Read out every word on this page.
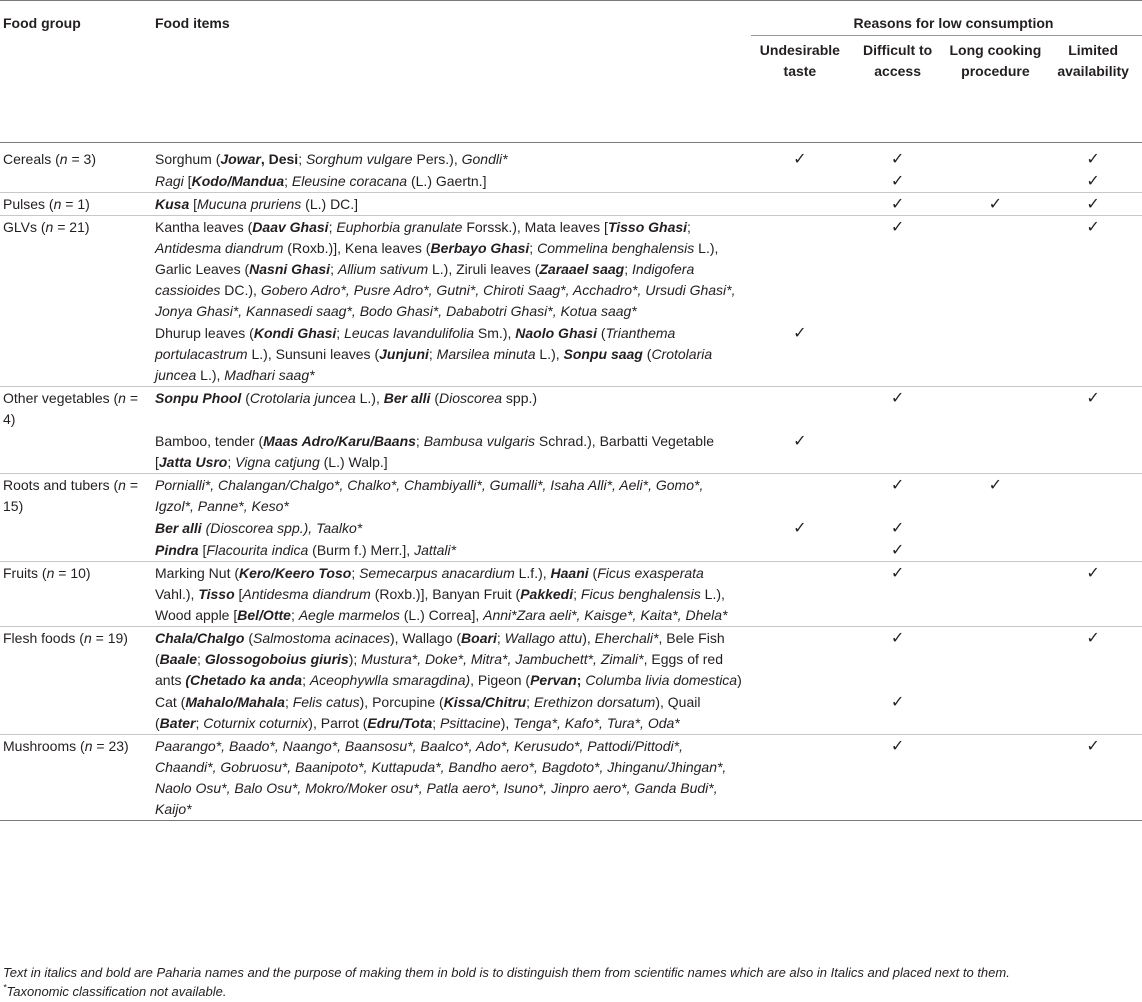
Food group	Food items	Reasons for low consumption			
		Undesirable taste	Difficult to access	Long cooking procedure	Limited availability
Cereals (n = 3)	Sorghum (Jowar, Desi; Sorghum vulgare Pers.), Gondli*	✓	✓		✓
	Ragi [Kodo/Mandua; Eleusine coracana (L.) Gaertn.]		✓		✓
Pulses (n = 1)	Kusa [Mucuna pruriens (L.) DC.]		✓	✓	✓
GLVs (n = 21)	Kantha leaves (Daav Ghasi; Euphorbia granulate Forssk.), Mata leaves [Tisso Ghasi; Antidesma diandrum (Roxb.)], Kena leaves (Berbayo Ghasi; Commelina benghalensis L.), Garlic Leaves (Nasni Ghasi; Allium sativum L.), Ziruli leaves (Zaraael saag; Indigofera cassioides DC.), Gobero Adro*, Pusre Adro*, Gutni*, Chiroti Saag*, Acchadro*, Ursudi Ghasi*, Jonya Ghasi*, Kannasedi saag*, Bodo Ghasi*, Dababotri Ghasi*, Kotua saag*		✓		✓
	Dhurup leaves (Kondi Ghasi; Leucas lavandulifolia Sm.), Naolo Ghasi (Trianthema portulacastrum L.), Sunsuni leaves (Junjuni; Marsilea minuta L.), Sonpu saag (Crotolaria juncea L.), Madhari saag*	✓			
Other vegetables (n = 4)	Sonpu Phool (Crotolaria juncea L.), Ber alli (Dioscorea spp.)		✓		✓
	Bamboo, tender (Maas Adro/Karu/Baans; Bambusa vulgaris Schrad.), Barbatti Vegetable [Jatta Usro; Vigna catjung (L.) Walp.]	✓			
Roots and tubers (n = 15)	Pornialli*, Chalangan/Chalgo*, Chalko*, Chambiyalli*, Gumalli*, Isaha Alli*, Aeli*, Gomo*, Igzol*, Panne*, Keso*		✓	✓	
	Ber alli (Dioscorea spp.), Taalko*	✓	✓		
	Pindra [Flacourita indica (Burm f.) Merr.], Jattali*		✓		
Fruits (n = 10)	Marking Nut (Kero/Keero Toso; Semecarpus anacardium L.f.), Haani (Ficus exasperata Vahl.), Tisso [Antidesma diandrum (Roxb.)], Banyan Fruit (Pakkedi; Ficus benghalensis L.), Wood apple [Bel/Otte; Aegle marmelos (L.) Correa], Anni*Zara aeli*, Kaisge*, Kaita*, Dhela*		✓		✓
Flesh foods (n = 19)	Chala/Chalgo (Salmostoma acinaces), Wallago (Boari; Wallago attu), Eherchali*, Bele Fish (Baale; Glossogoboius giuris); Mustura*, Doke*, Mitra*, Jambuchett*, Zimali*, Eggs of red ants (Chetado ka anda; Aceophywlla smaragdina), Pigeon (Pervan; Columba livia domestica)		✓		✓
	Cat (Mahalo/Mahala; Felis catus), Porcupine (Kissa/Chitru; Erethizon dorsatum), Quail (Bater; Coturnix coturnix), Parrot (Edru/Tota; Psittacine), Tenga*, Kafo*, Tura*, Oda*		✓		
Mushrooms (n = 23)	Paarango*, Baado*, Naango*, Baansosu*, Baalco*, Ado*, Kerusudo*, Pattodi/Pittodi*, Chaandi*, Gobruosu*, Baanipoto*, Kuttapuda*, Bandho aero*, Bagdoto*, Jhinganu/Jhingan*, Naolo Osu*, Balo Osu*, Mokro/Moker osu*, Patla aero*, Isuno*, Jinpro aero*, Ganda Budi*, Kaijo*		✓		✓
Text in italics and bold are Paharia names and the purpose of making them in bold is to distinguish them from scientific names which are also in Italics and placed next to them.
*Taxonomic classification not available.
